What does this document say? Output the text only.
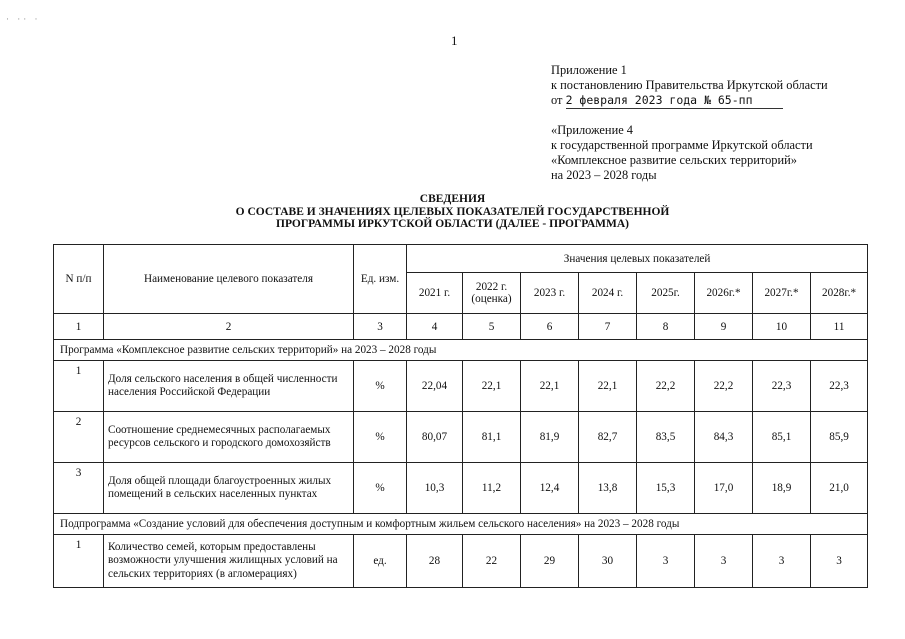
· ·· ·
1
Приложение 1
к постановлению Правительства Иркутской области
от 2 февраля 2023 года № 65-пп
«Приложение 4
к государственной программе Иркутской области
«Комплексное развитие сельских территорий»
на 2023 – 2028 годы
СВЕДЕНИЯ
О СОСТАВЕ И ЗНАЧЕНИЯХ ЦЕЛЕВЫХ ПОКАЗАТЕЛЕЙ ГОСУДАРСТВЕННОЙ
ПРОГРАММЫ ИРКУТСКОЙ ОБЛАСТИ (ДАЛЕЕ - ПРОГРАММА)
N п/п	Наименование целевого показателя	Ед. изм.	Значения целевых показателей							
			2021 г.	2022 г. (оценка)	2023 г.	2024 г.	2025г.	2026г.*	2027г.*	2028г.*
1	2	3	4	5	6	7	8	9	10	11
Программа «Комплексное развитие сельских территорий» на 2023 – 2028 годы										
1	Доля сельского населения в общей численности населения Российской Федерации	%	22,04	22,1	22,1	22,1	22,2	22,2	22,3	22,3
2	Соотношение среднемесячных располагаемых ресурсов сельского и городского домохозяйств	%	80,07	81,1	81,9	82,7	83,5	84,3	85,1	85,9
3	Доля общей площади благоустроенных жилых помещений в сельских населенных пунктах	%	10,3	11,2	12,4	13,8	15,3	17,0	18,9	21,0
Подпрограмма «Создание условий для обеспечения доступным и комфортным жильем сельского населения» на 2023 – 2028 годы										
1	Количество семей, которым предоставлены возможности улучшения жилищных условий на сельских территориях (в агломерациях)	ед.	28	22	29	30	3	3	3	3
